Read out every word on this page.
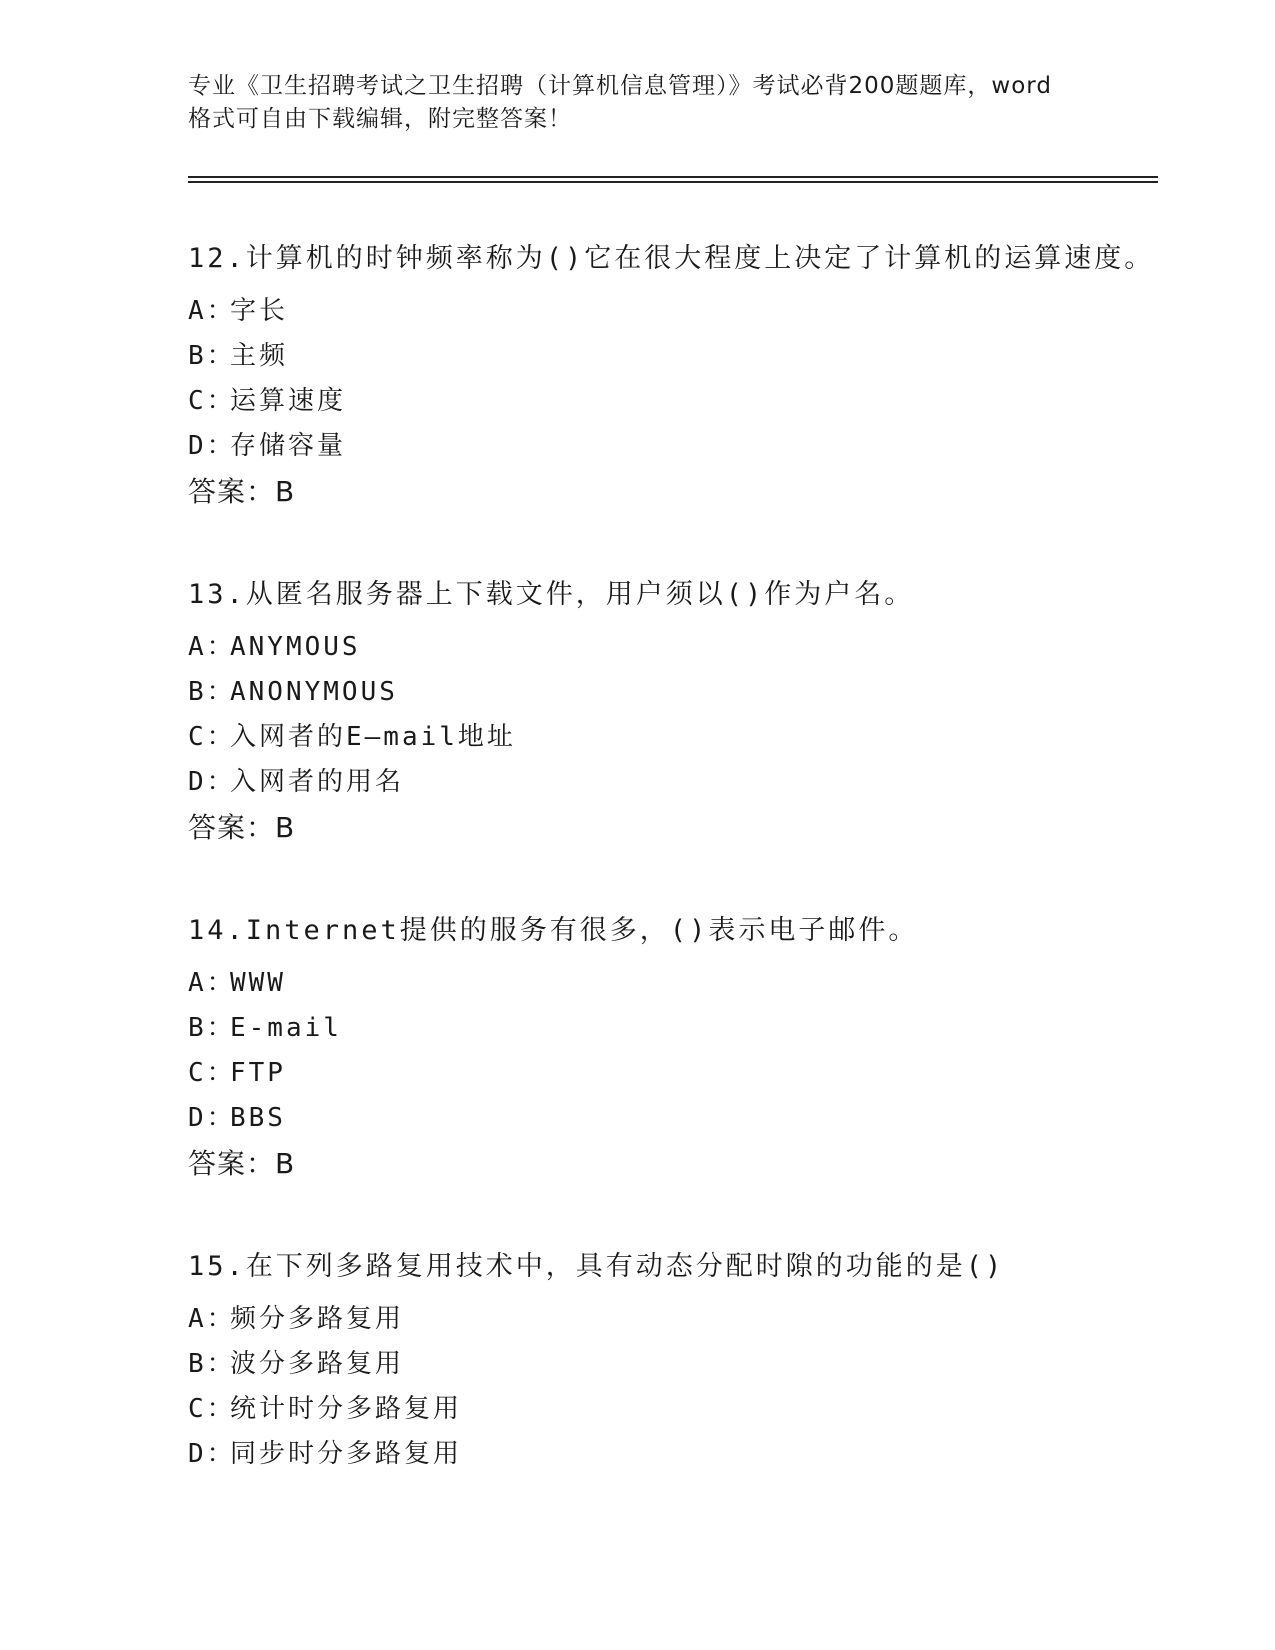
专业《卫生招聘考试之卫生招聘（计算机信息管理）》考试必背200题题库，word

格式可自由下载编辑，附完整答案！

12.计算机的时钟频率称为()它在很大程度上决定了计算机的运算速度。

A：字长

B：主频

C：运算速度

D：存储容量

答案：B

13.从匿名服务器上下载文件，用户须以()作为户名。

A：ANYMOUS

B：ANONYMOUS

C：入网者的E—mail地址

D：入网者的用名

答案：B

14.Internet提供的服务有很多，()表示电子邮件。

A：WWW

B：E-mail

C：FTP

D：BBS

答案：B

15.在下列多路复用技术中，具有动态分配时隙的功能的是()

A：频分多路复用

B：波分多路复用

C：统计时分多路复用

D：同步时分多路复用
